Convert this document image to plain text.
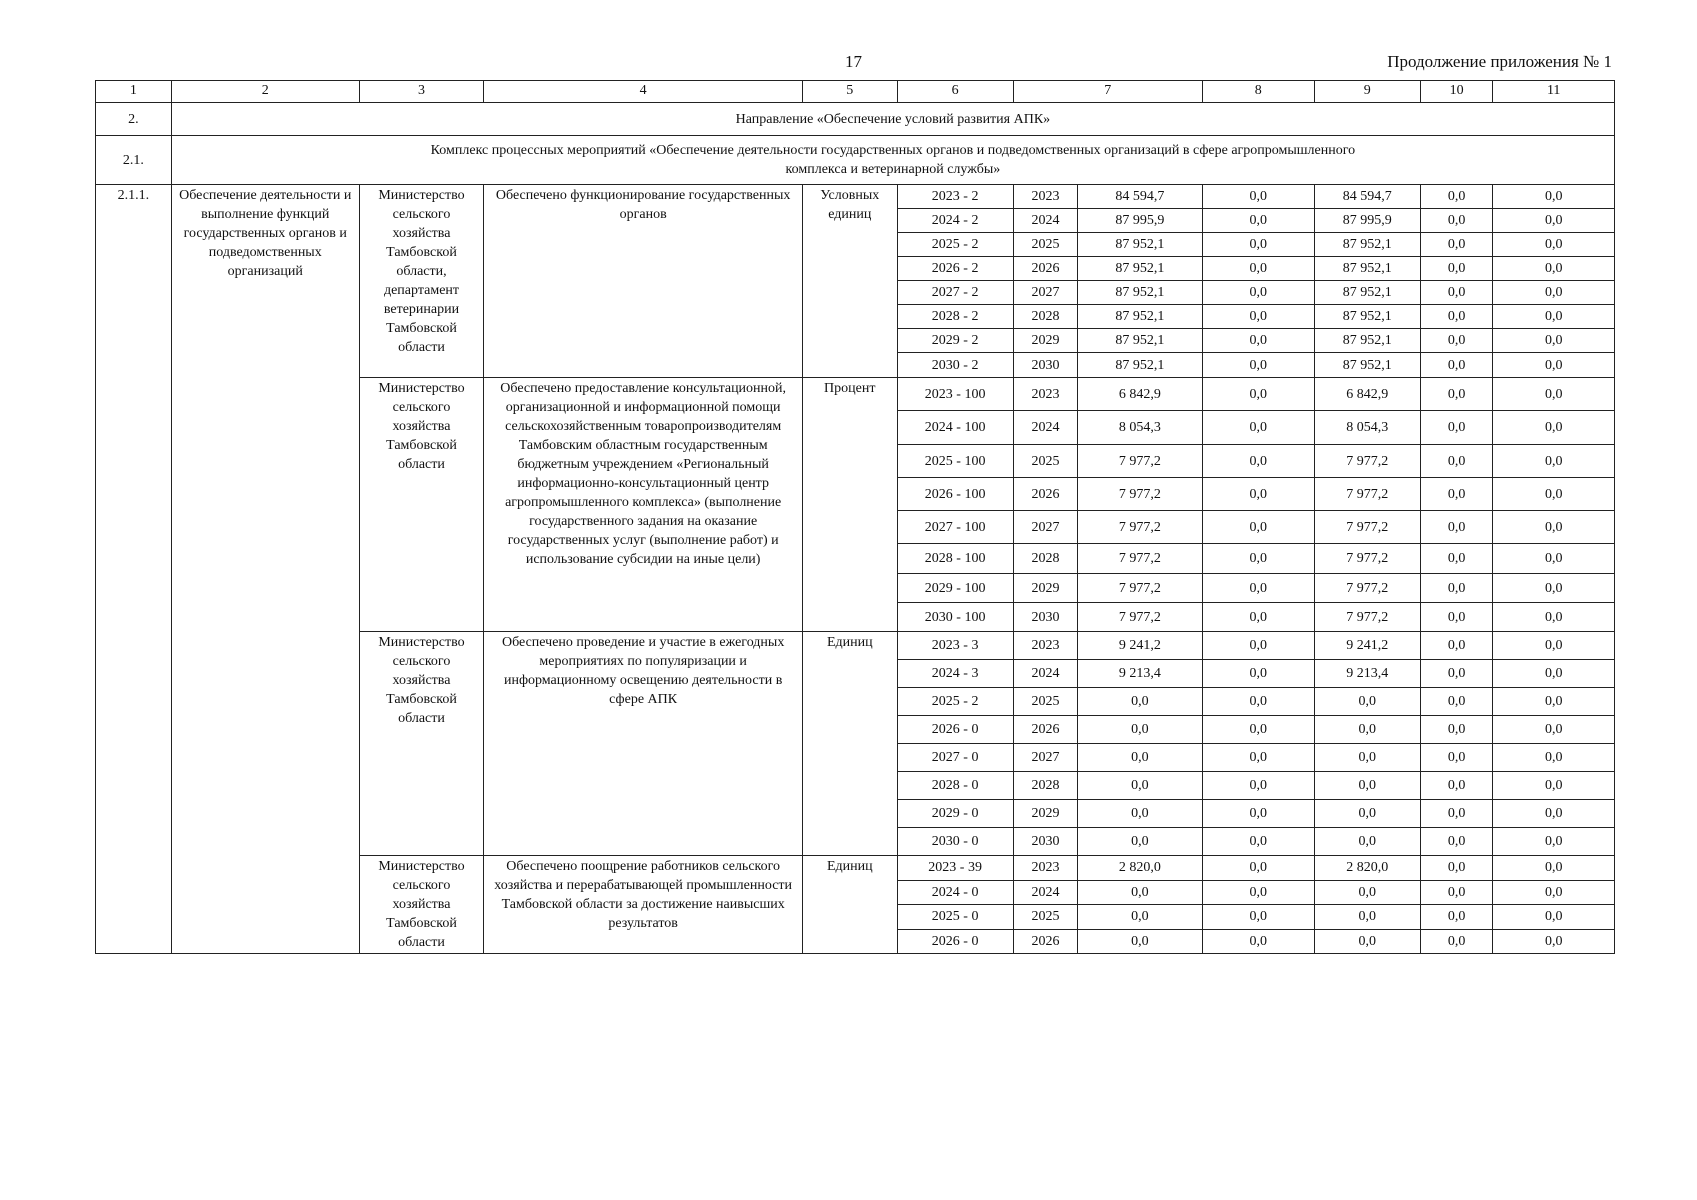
17	Продолжение приложения № 1
1	2	3	4	5	6	7		8	9	10	11
2.	Направление «Обеспечение условий развития АПК»										
2.1.	Комплекс процессных мероприятий «Обеспечение деятельности государственных органов и подведомственных организаций в сфере агропромышленного комплекса и ветеринарной службы»										
2.1.1.	Обеспечение деятельности и выполнение функций государственных органов и подведомственных организаций	Министерство сельского хозяйства Тамбовской области, департамент ветеринарии Тамбовской области	Обеспечено функционирование государственных органов	Условных единиц	2023 - 2	2023	84 594,7	0,0	84 594,7	0,0	0,0
					2024 - 2	2024	87 995,9	0,0	87 995,9	0,0	0,0
					2025 - 2	2025	87 952,1	0,0	87 952,1	0,0	0,0
					2026 - 2	2026	87 952,1	0,0	87 952,1	0,0	0,0
					2027 - 2	2027	87 952,1	0,0	87 952,1	0,0	0,0
					2028 - 2	2028	87 952,1	0,0	87 952,1	0,0	0,0
					2029 - 2	2029	87 952,1	0,0	87 952,1	0,0	0,0
					2030 - 2	2030	87 952,1	0,0	87 952,1	0,0	0,0
		Министерство сельского хозяйства Тамбовской области	Обеспечено предоставление консультационной, организационной и информационной помощи сельскохозяйственным товаропроизводителям Тамбовским областным государственным бюджетным учреждением «Региональный информационно-консультационный центр агропромышленного комплекса» (выполнение государственного задания на оказание государственных услуг (выполнение работ) и использование субсидии на иные цели)	Процент	2023 - 100	2023	6 842,9	0,0	6 842,9	0,0	0,0
					2024 - 100	2024	8 054,3	0,0	8 054,3	0,0	0,0
					2025 - 100	2025	7 977,2	0,0	7 977,2	0,0	0,0
					2026 - 100	2026	7 977,2	0,0	7 977,2	0,0	0,0
					2027 - 100	2027	7 977,2	0,0	7 977,2	0,0	0,0
					2028 - 100	2028	7 977,2	0,0	7 977,2	0,0	0,0
					2029 - 100	2029	7 977,2	0,0	7 977,2	0,0	0,0
					2030 - 100	2030	7 977,2	0,0	7 977,2	0,0	0,0
		Министерство сельского хозяйства Тамбовской области	Обеспечено проведение и участие в ежегодных мероприятиях по популяризации и информационному освещению деятельности в сфере АПК	Единиц	2023 - 3	2023	9 241,2	0,0	9 241,2	0,0	0,0
					2024 - 3	2024	9 213,4	0,0	9 213,4	0,0	0,0
					2025 - 2	2025	0,0	0,0	0,0	0,0	0,0
					2026 - 0	2026	0,0	0,0	0,0	0,0	0,0
					2027 - 0	2027	0,0	0,0	0,0	0,0	0,0
					2028 - 0	2028	0,0	0,0	0,0	0,0	0,0
					2029 - 0	2029	0,0	0,0	0,0	0,0	0,0
					2030 - 0	2030	0,0	0,0	0,0	0,0	0,0
		Министерство сельского хозяйства Тамбовской области	Обеспечено поощрение работников сельского хозяйства и перерабатывающей промышленности Тамбовской области за достижение наивысших результатов	Единиц	2023 - 39	2023	2 820,0	0,0	2 820,0	0,0	0,0
					2024 - 0	2024	0,0	0,0	0,0	0,0	0,0
					2025 - 0	2025	0,0	0,0	0,0	0,0	0,0
					2026 - 0	2026	0,0	0,0	0,0	0,0	0,0
